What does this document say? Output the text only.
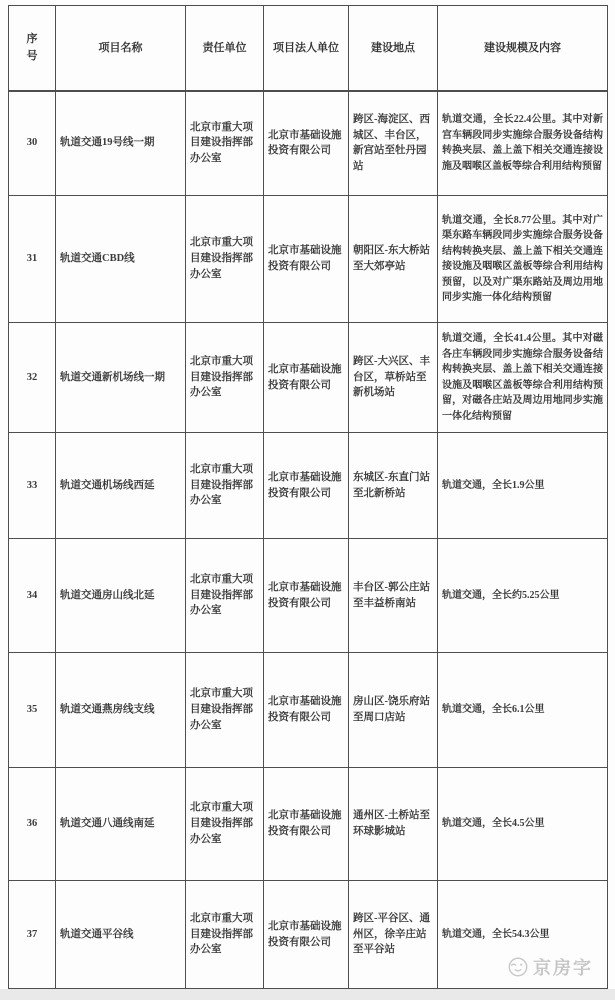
序号	项目名称	责任单位	项目法人单位	建设地点	建设规模及内容
30	轨道交通19号线一期	北京市重大项目建设指挥部办公室	北京市基础设施投资有限公司	跨区-海淀区、西城区、丰台区，新宫站至牡丹园站	轨道交通，全长22.4公里。其中对新宫车辆段同步实施综合服务设备结构转换夹层、盖上盖下相关交通连接设施及咽喉区盖板等综合利用结构预留
31	轨道交通CBD线	北京市重大项目建设指挥部办公室	北京市基础设施投资有限公司	朝阳区-东大桥站至大郊亭站	轨道交通，全长8.77公里。其中对广渠东路车辆段同步实施综合服务设备结构转换夹层、盖上盖下相关交通连接设施及咽喉区盖板等综合利用结构预留，以及对广渠东路站及周边用地同步实施一体化结构预留
32	轨道交通新机场线一期	北京市重大项目建设指挥部办公室	北京市基础设施投资有限公司	跨区-大兴区、丰台区，草桥站至新机场站	轨道交通，全长41.4公里。其中对磁各庄车辆段同步实施综合服务设备结构转换夹层、盖上盖下相关交通连接设施及咽喉区盖板等综合利用结构预留，对磁各庄站及周边用地同步实施一体化结构预留
33	轨道交通机场线西延	北京市重大项目建设指挥部办公室	北京市基础设施投资有限公司	东城区-东直门站至北新桥站	轨道交通，全长1.9公里
34	轨道交通房山线北延	北京市重大项目建设指挥部办公室	北京市基础设施投资有限公司	丰台区-郭公庄站至丰益桥南站	轨道交通，全长约5.25公里
35	轨道交通燕房线支线	北京市重大项目建设指挥部办公室	北京市基础设施投资有限公司	房山区-饶乐府站至周口店站	轨道交通，全长6.1公里
36	轨道交通八通线南延	北京市重大项目建设指挥部办公室	北京市基础设施投资有限公司	通州区-土桥站至环球影城站	轨道交通，全长4.5公里
37	轨道交通平谷线	北京市重大项目建设指挥部办公室	北京市基础设施投资有限公司	跨区-平谷区、通州区，徐辛庄站至平谷站	轨道交通，全长54.3公里
京房字
